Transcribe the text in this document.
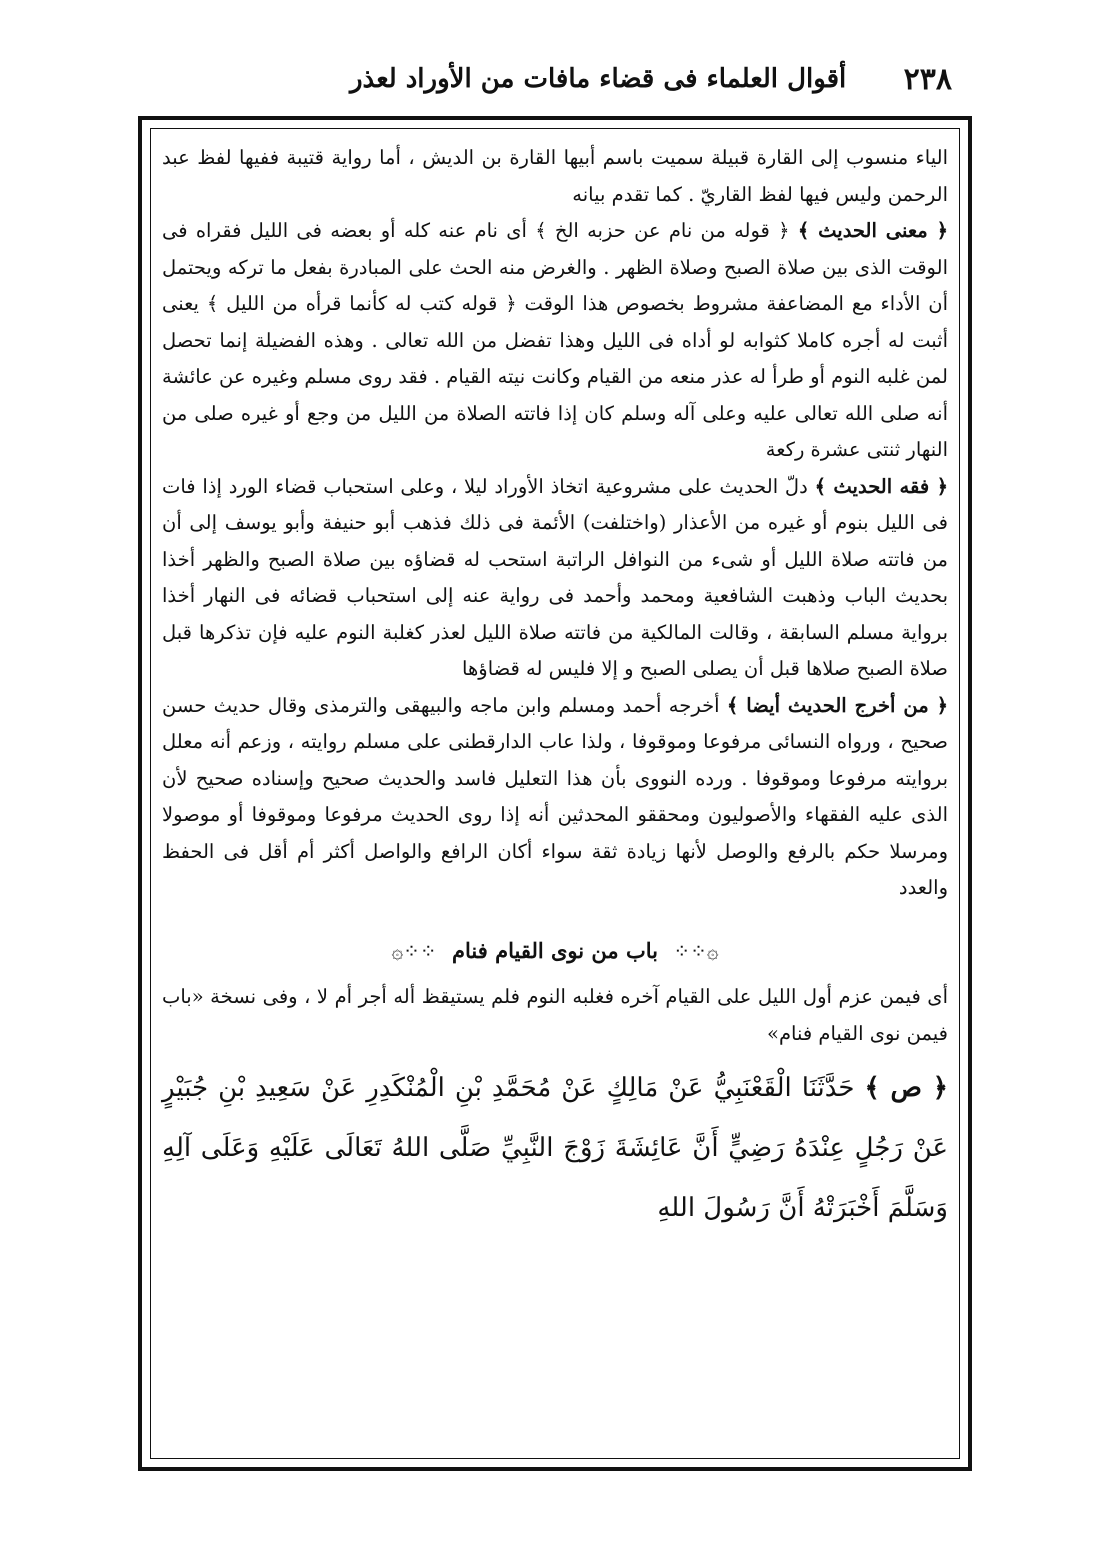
٢٣٨
أقوال العلماء فى قضاء مافات من الأوراد لعذر

الياء منسوب إلى القارة قبيلة سميت باسم أبيها القارة بن الديش ، أما رواية قتيبة ففيها لفظ عبد الرحمن وليس فيها لفظ القاريّ . كما تقدم بيانه

﴿ معنى الحديث ﴾ ﴿ قوله من نام عن حزبه الخ ﴾ أى نام عنه كله أو بعضه فى الليل فقراه فى الوقت الذى بين صلاة الصبح وصلاة الظهر . والغرض منه الحث على المبادرة بفعل ما تركه ويحتمل أن الأداء مع المضاعفة مشروط بخصوص هذا الوقت ﴿ قوله كتب له كأنما قرأه من الليل ﴾ يعنى أثبت له أجره كاملا كثوابه لو أداه فى الليل وهذا تفضل من الله تعالى . وهذه الفضيلة إنما تحصل لمن غلبه النوم أو طرأ له عذر منعه من القيام وكانت نيته القيام . فقد روى مسلم وغيره عن عائشة أنه صلى الله تعالى عليه وعلى آله وسلم كان إذا فاتته الصلاة من الليل من وجع أو غيره صلى من النهار ثنتى عشرة ركعة

﴿ فقه الحديث ﴾ دلّ الحديث على مشروعية اتخاذ الأوراد ليلا ، وعلى استحباب قضاء الورد إذا فات فى الليل بنوم أو غيره من الأعذار (واختلفت) الأئمة فى ذلك فذهب أبو حنيفة وأبو يوسف إلى أن من فاتته صلاة الليل أو شىء من النوافل الراتبة استحب له قضاؤه بين صلاة الصبح والظهر أخذا بحديث الباب وذهبت الشافعية ومحمد وأحمد فى رواية عنه إلى استحباب قضائه فى النهار أخذا برواية مسلم السابقة ، وقالت المالكية من فاتته صلاة الليل لعذر كغلبة النوم عليه فإن تذكرها قبل صلاة الصبح صلاها قبل أن يصلى الصبح و إلا فليس له قضاؤها

﴿ من أخرج الحديث أيضا ﴾ أخرجه أحمد ومسلم وابن ماجه والبيهقى والترمذى وقال حديث حسن صحيح ، ورواه النسائى مرفوعا وموقوفا ، ولذا عاب الدارقطنى على مسلم روايته ، وزعم أنه معلل بروايته مرفوعا وموقوفا . ورده النووى بأن هذا التعليل فاسد والحديث صحيح وإسناده صحيح لأن الذى عليه الفقهاء والأصوليون ومحققو المحدثين أنه إذا روى الحديث مرفوعا وموقوفا أو موصولا ومرسلا حكم بالرفع والوصل لأنها زيادة ثقة سواء أكان الرافع والواصل أكثر أم أقل فى الحفظ والعدد

۞⁘⁘ باب من نوى القيام فنام ⁘⁘۞

أى فيمن عزم أول الليل على القيام آخره فغلبه النوم فلم يستيقظ أله أجر أم لا ، وفى نسخة «باب فيمن نوى القيام فنام»

﴿ ص ﴾ حَدَّثَنَا الْقَعْنَبِيُّ عَنْ مَالِكٍ عَنْ مُحَمَّدِ بْنِ الْمُنْكَدِرِ عَنْ سَعِيدِ بْنِ جُبَيْرٍ عَنْ رَجُلٍ عِنْدَهُ رَضِيٍّ أَنَّ عَائِشَةَ زَوْجَ النَّبِيِّ صَلَّى اللهُ تَعَالَى عَلَيْهِ وَعَلَى آلِهِ وَسَلَّمَ أَخْبَرَتْهُ أَنَّ رَسُولَ اللهِ
